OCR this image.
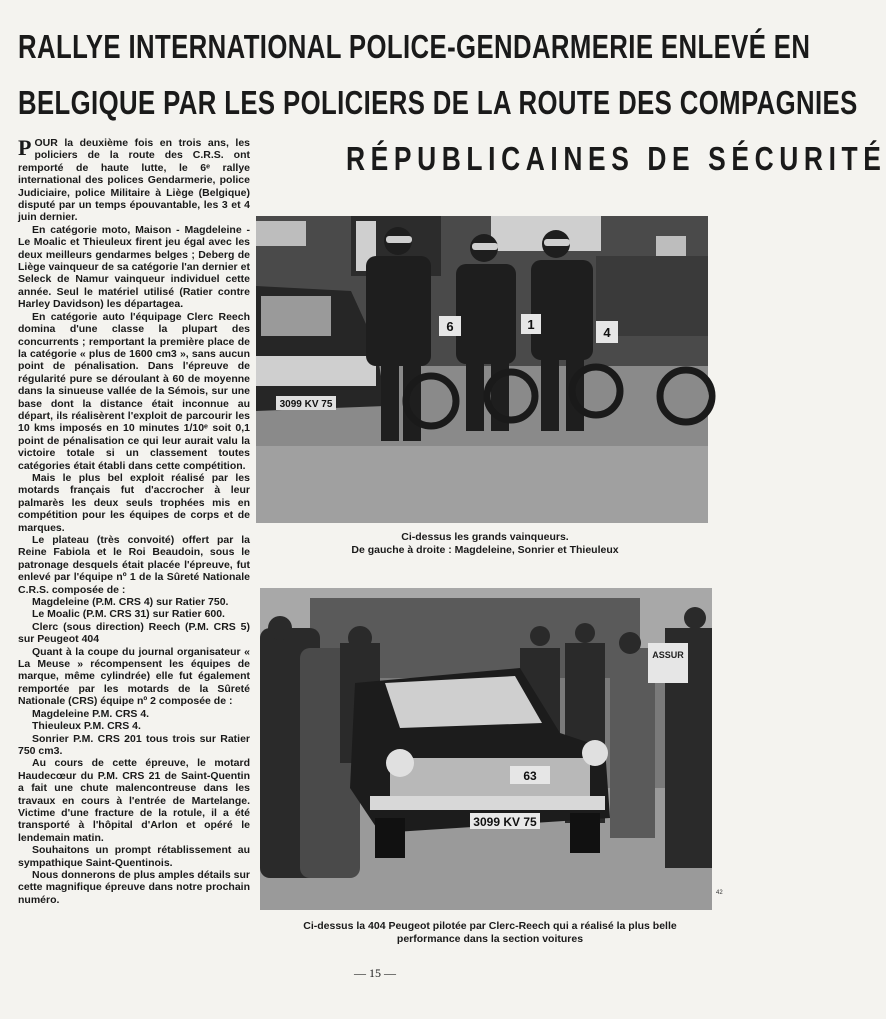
RALLYE INTERNATIONAL POLICE-GENDARMERIE ENLEVÉ EN
BELGIQUE PAR LES POLICIERS DE LA ROUTE DES COMPAGNIES
RÉPUBLICAINES DE SÉCURITÉ

POUR la deuxième fois en trois ans, les policiers de la route des C.R.S. ont remporté de haute lutte, le 6ᵉ rallye international des polices Gendarmerie, police Judiciaire, police Militaire à Liège (Belgique) disputé par un temps épouvantable, les 3 et 4 juin dernier.

En catégorie moto, Maison - Magdeleine - Le Moalic et Thieuleux firent jeu égal avec les deux meilleurs gendarmes belges ; Deberg de Liège vainqueur de sa catégorie l'an dernier et Seleck de Namur vainqueur individuel cette année. Seul le matériel utilisé (Ratier contre Harley Davidson) les départagea.

En catégorie auto l'équipage Clerc Reech domina d'une classe la plupart des concurrents ; remportant la première place de la catégorie « plus de 1600 cm3 », sans aucun point de pénalisation. Dans l'épreuve de régularité pure se déroulant à 60 de moyenne dans la sinueuse vallée de la Sémois, sur une base dont la distance était inconnue au départ, ils réalisèrent l'exploit de parcourir les 10 kms imposés en 10 minutes 1/10ᵉ soit 0,1 point de pénalisation ce qui leur aurait valu la victoire totale si un classement toutes catégories était établi dans cette compétition.

Mais le plus bel exploit réalisé par les motards français fut d'accrocher à leur palmarès les deux seuls trophées mis en compétition pour les équipes de corps et de marques.

Le plateau (très convoité) offert par la Reine Fabiola et le Roi Beaudoin, sous le patronage desquels était placée l'épreuve, fut enlevé par l'équipe nº 1 de la Sûreté Nationale C.R.S. composée de :

Magdeleine (P.M. CRS 4) sur Ratier 750.

Le Moalic (P.M. CRS 31) sur Ratier 600.

Clerc (sous direction) Reech (P.M. CRS 5) sur Peugeot 404

Quant à la coupe du journal organisateur « La Meuse » récompensent les équipes de marque, même cylindrée) elle fut également remportée par les motards de la Sûreté Nationale (CRS) équipe nº 2 composée de :

Magdeleine P.M. CRS 4.

Thieuleux P.M. CRS 4.

Sonrier P.M. CRS 201 tous trois sur Ratier 750 cm3.

Au cours de cette épreuve, le motard Haudecœur du P.M. CRS 21 de Saint-Quentin a fait une chute malencontreuse dans les travaux en cours à l'entrée de Martelange. Victime d'une fracture de la rotule, il a été transporté à l'hôpital d'Arlon et opéré le lendemain matin.

Souhaitons un prompt rétablissement au sympathique Saint-Quentinois.

Nous donnerons de plus amples détails sur cette magnifique épreuve dans notre prochain numéro.

3099 KV 75
6	1
4
Ci-dessus les grands vainqueurs.
De gauche à droite : Magdeleine, Sonrier et Thieuleux
ASSUR
63
3099 KV 75
42
Ci-dessus la 404 Peugeot pilotée par Clerc-Reech qui a réalisé la plus belle
performance dans la section voitures
— 15 —
